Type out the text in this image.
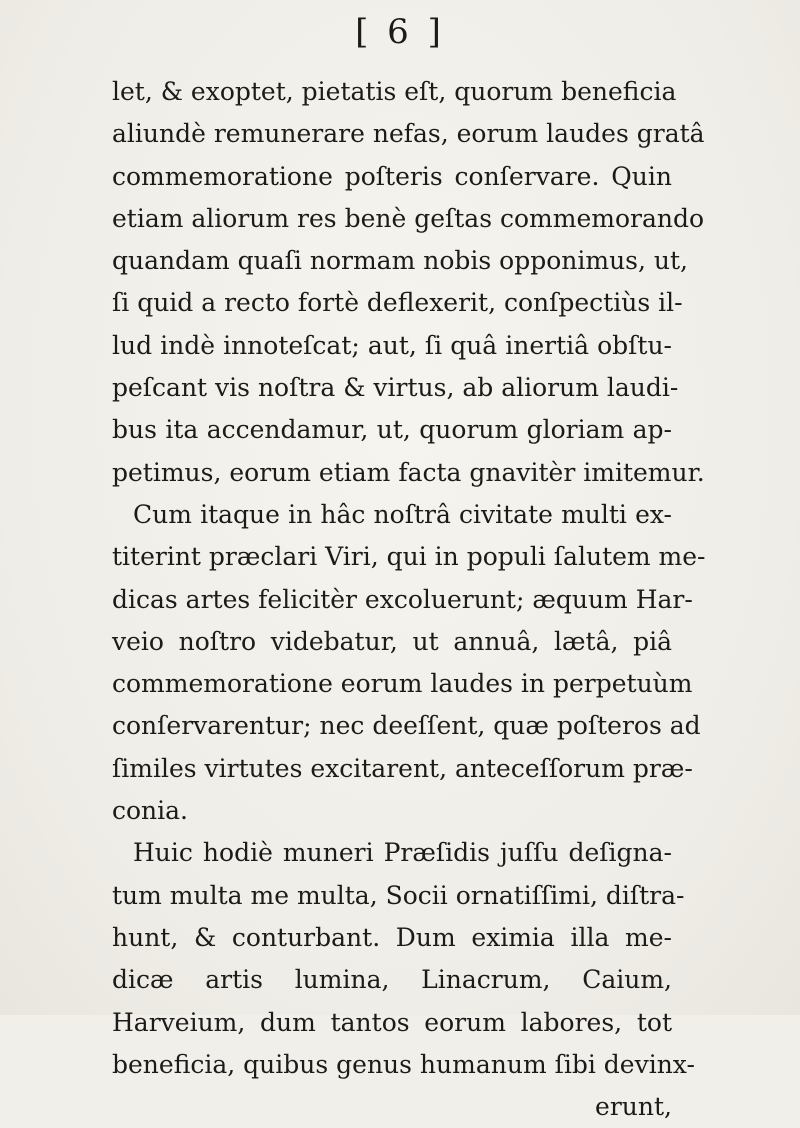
[ 6 ]
let, & exoptet, pietatis eſt, quorum beneficia
aliundè remunerare nefas, eorum laudes gratâ
commemoratione poſteris conſervare. Quin
etiam aliorum res benè geſtas commemorando
quandam quaſi normam nobis opponimus, ut,
ſi quid a recto fortè deflexerit, conſpectiùs il-
lud indè innoteſcat; aut, ſi quâ inertiâ obſtu-
peſcant vis noſtra & virtus, ab aliorum laudi-
bus ita accendamur, ut, quorum gloriam ap-
petimus, eorum etiam facta gnavitèr imitemur.
Cum itaque in hâc noſtrâ civitate multi ex-
titerint præclari Viri, qui in populi ſalutem me-
dicas artes felicitèr excoluerunt; æquum Har-
veio noſtro videbatur, ut annuâ, lætâ, piâ
commemoratione eorum laudes in perpetuùm
conſervarentur; nec deeſſent, quæ poſteros ad
ſimiles virtutes excitarent, anteceſſorum præ-
conia.
Huic hodiè muneri Præſidis juſſu deſigna-
tum multa me multa, Socii ornatiſſimi, diſtra-
hunt, & conturbant. Dum eximia illa me-
dicæ artis lumina, Linacrum, Caium,
Harveium, dum tantos eorum labores, tot
beneficia, quibus genus humanum ſibi devinx-
erunt,
